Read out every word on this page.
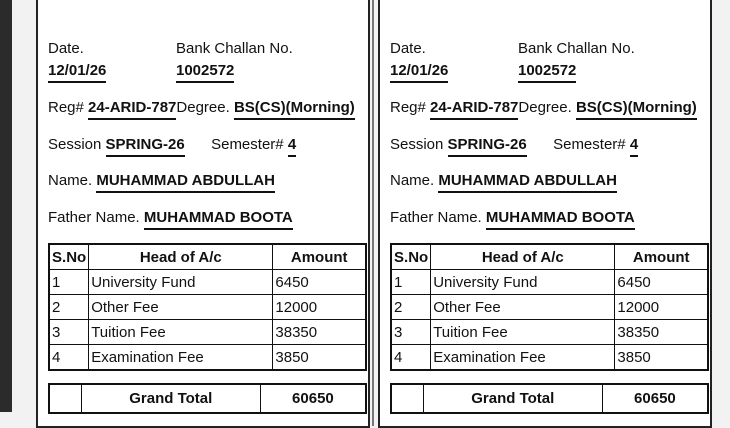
Date.
12/01/26
Bank Challan No.
1002572
Reg# 24-ARID-787Degree. BS(CS)(Morning)
Session SPRING-26 Semester# 4
Name. MUHAMMAD ABDULLAH
Father Name. MUHAMMAD BOOTA
S.No	Head of A/c	Amount
1	University Fund	6450
2	Other Fee	12000
3	Tuition Fee	38350
4	Examination Fee	3850
	Grand Total	60650
Date.
12/01/26
Bank Challan No.
1002572
Reg# 24-ARID-787Degree. BS(CS)(Morning)
Session SPRING-26 Semester# 4
Name. MUHAMMAD ABDULLAH
Father Name. MUHAMMAD BOOTA
S.No	Head of A/c	Amount
1	University Fund	6450
2	Other Fee	12000
3	Tuition Fee	38350
4	Examination Fee	3850
	Grand Total	60650
